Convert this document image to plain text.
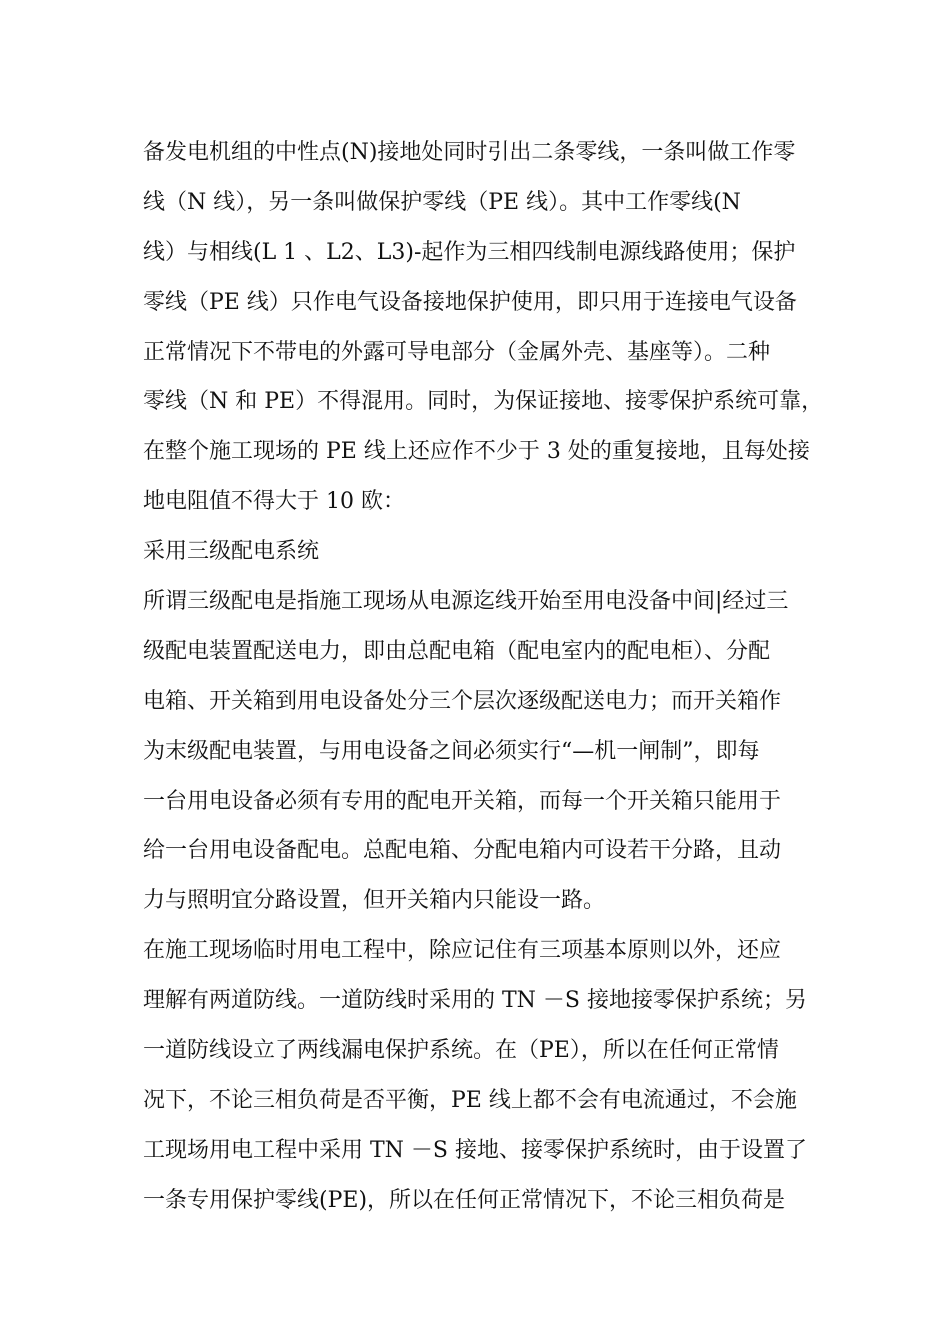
备发电机组的中性点(N)接地处同时引出二条零线，一条叫做工作零
线（N 线），另一条叫做保护零线（PE 线）。其中工作零线(N
线）与相线(L 1 、L2、L3)-起作为三相四线制电源线路使用；保护
零线（PE 线）只作电气设备接地保护使用，即只用于连接电气设备
正常情况下不带电的外露可导电部分（金属外壳、基座等）。二种
零线（N 和 PE）不得混用。同时，为保证接地、接零保护系统可靠，
在整个施工现场的 PE 线上还应作不少于 3 处的重复接地，且每处接
地电阻值不得大于 10 欧：
采用三级配电系统
所谓三级配电是指施工现场从电源迄线开始至用电没备中间|经过三
级配电装置配送电力，即由总配电箱（配电室内的配电柜）、分配
电箱、开关箱到用电设备处分三个层次逐级配送电力；而开关箱作
为末级配电装置，与用电设备之间必须实行“—机一闸制”，即每
一台用电设备必须有专用的配电开关箱，而每一个开关箱只能用于
给一台用电设备配电。总配电箱、分配电箱内可设若干分路，且动
力与照明宜分路设置，但开关箱内只能设一路。
在施工现场临时用电工程中，除应记住有三项基本原则以外，还应
理解有两道防线。一道防线时采用的 TN －S 接地接零保护系统；另
一道防线设立了两线漏电保护系统。在（PE），所以在任何正常情
况下，不论三相负荷是否平衡，PE 线上都不会有电流通过，不会施
工现场用电工程中采用 TN －S 接地、接零保护系统时，由于设置了
一条专用保护零线(PE)，所以在任何正常情况下，不论三相负荷是
